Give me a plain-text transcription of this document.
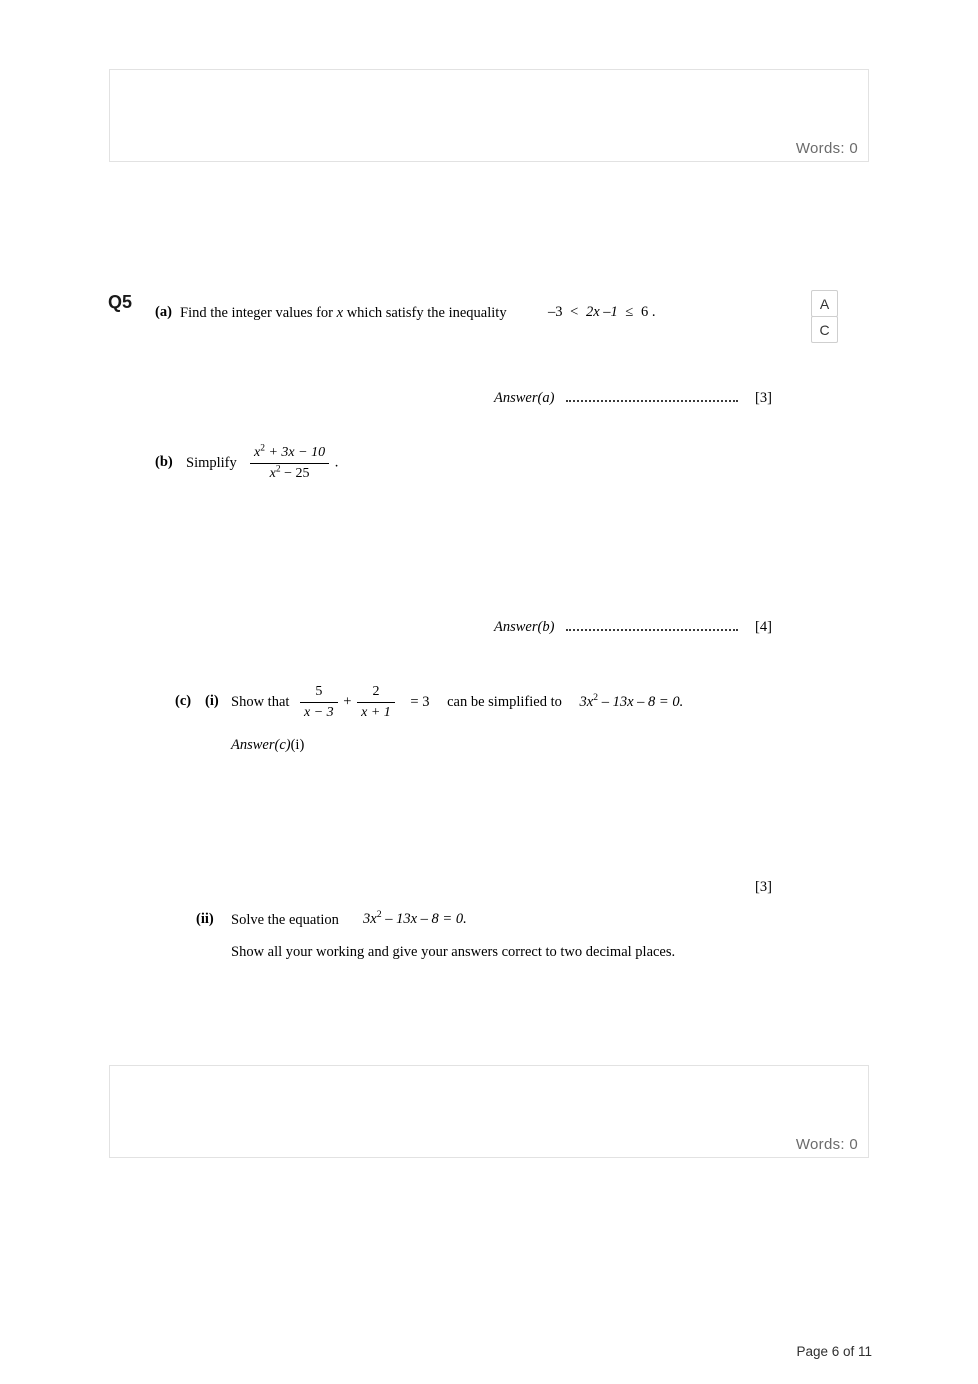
Words: 0
Q5	A
C
(a) Find the integer values for x which satisfy the inequality	–3 < 2x –1 ≤ 6 .
Answer(a)	[3]
(b) Simplify $\frac{x^2 + 3x - 10}{x^2 - 25}$ .
Answer(b)	[4]
(c) (i) Show that $\frac{5}{x - 3} + \frac{2}{x + 1} = 3$ can be simplified to $3x^2 - 13x - 8 = 0$.
Answer(c)(i)
[3]
(ii) Solve the equation $3x^2 - 13x - 8 = 0$.
Show all your working and give your answers correct to two decimal places.
Words: 0
Page 6 of 11
